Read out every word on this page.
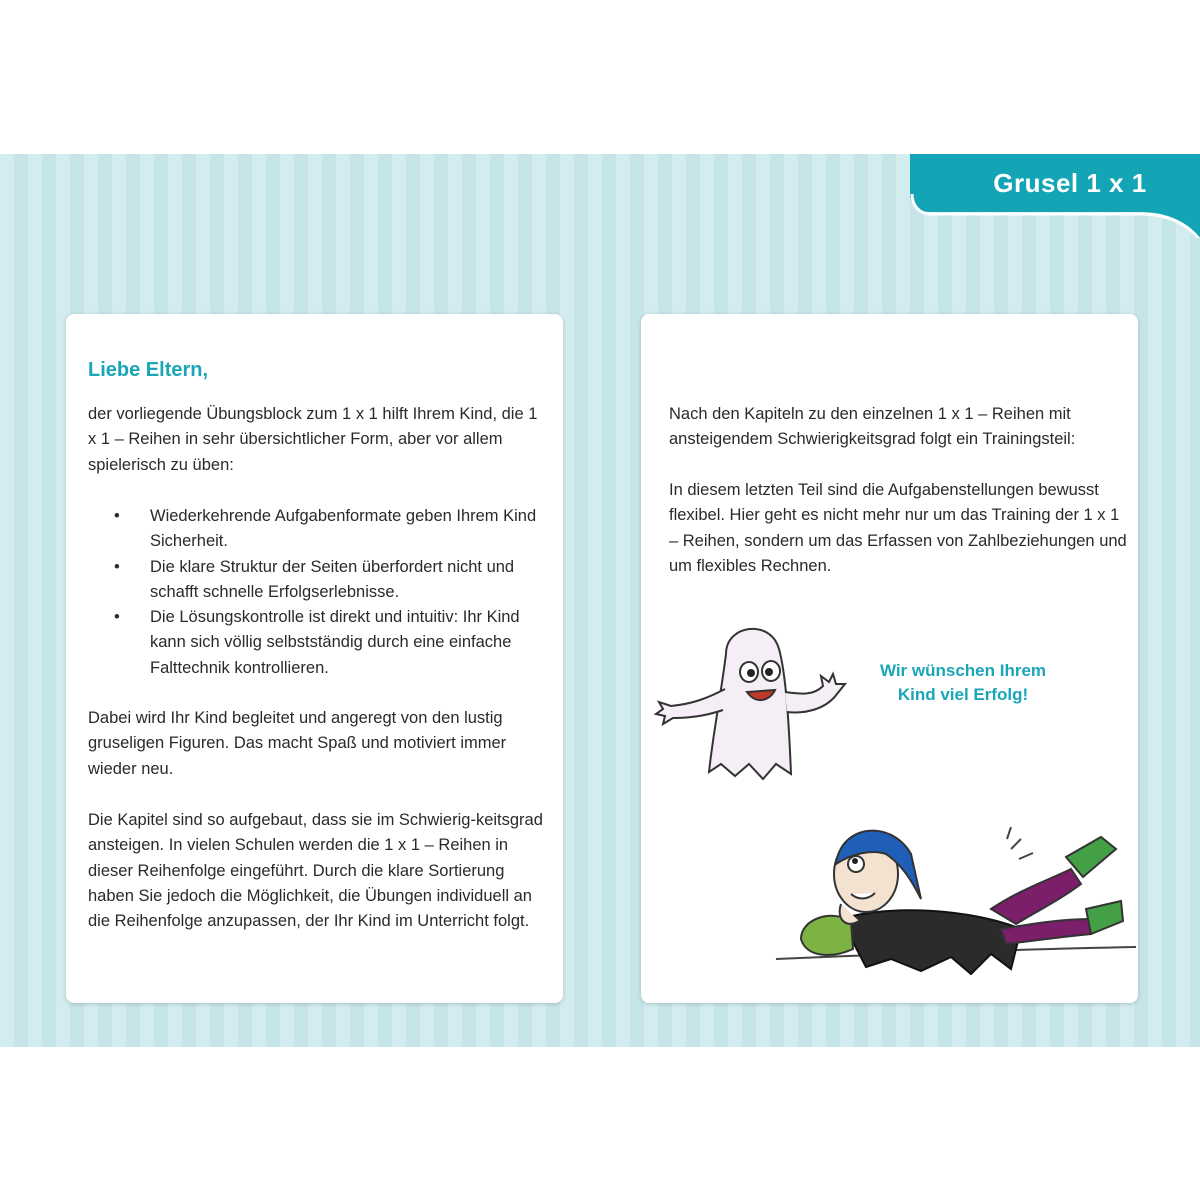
Grusel 1 x 1
Liebe Eltern,
der vorliegende Übungsblock zum 1 x 1 hilft Ihrem Kind, die 1 x 1 – Reihen in sehr übersichtlicher Form, aber vor allem spielerisch zu üben:
• Wiederkehrende Aufgabenformate geben Ihrem Kind Sicherheit.
• Die klare Struktur der Seiten überfordert nicht und schafft schnelle Erfolgserlebnisse.
• Die Lösungskontrolle ist direkt und intuitiv: Ihr Kind kann sich völlig selbstständig durch eine einfache Falttechnik kontrollieren.
Dabei wird Ihr Kind begleitet und angeregt von den lustig gruseligen Figuren. Das macht Spaß und motiviert immer wieder neu.
Die Kapitel sind so aufgebaut, dass sie im Schwierig-keitsgrad ansteigen. In vielen Schulen werden die 1 x 1 – Reihen in dieser Reihenfolge eingeführt. Durch die klare Sortierung haben Sie jedoch die Möglichkeit, die Übungen individuell an die Reihenfolge anzupassen, der Ihr Kind im Unterricht folgt.
Nach den Kapiteln zu den einzelnen 1 x 1 – Reihen mit ansteigendem Schwierigkeitsgrad folgt ein Trainingsteil:
In diesem letzten Teil sind die Aufgabenstellungen bewusst flexibel. Hier geht es nicht mehr nur um das Training der 1 x 1 – Reihen, sondern um das Erfassen von Zahlbeziehungen und um flexibles Rechnen.
Wir wünschen Ihrem
Kind viel Erfolg!
